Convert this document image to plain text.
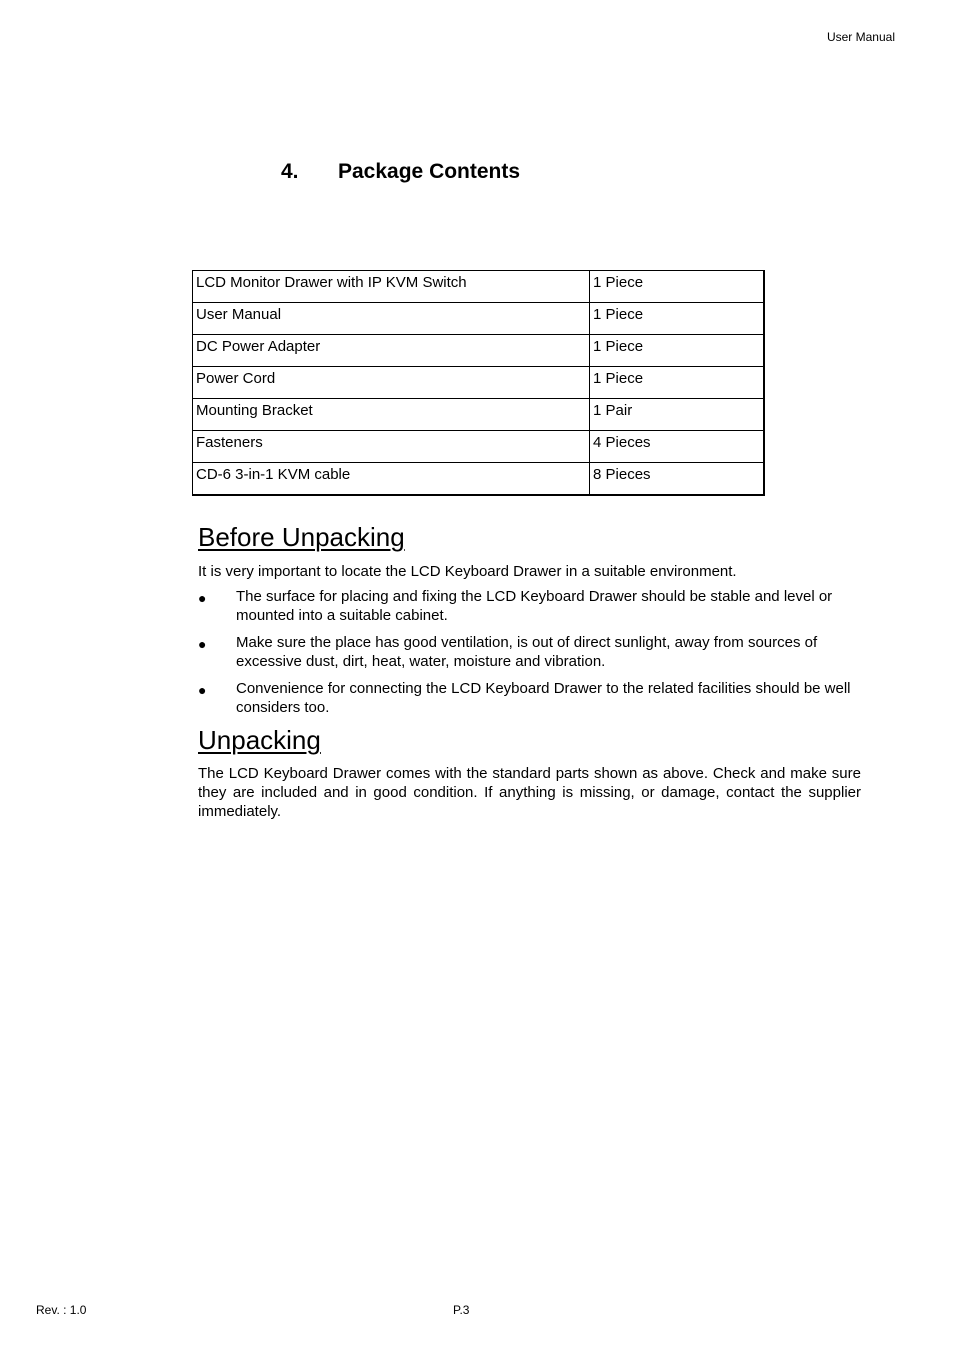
User Manual
4.	Package Contents
LCD Monitor Drawer with IP KVM Switch	1 Piece
User Manual	1 Piece
DC Power Adapter	1 Piece
Power Cord	1 Piece
Mounting Bracket	1 Pair
Fasteners	4 Pieces
CD-6 3-in-1 KVM cable	8 Pieces
Before Unpacking
It is very important to locate the LCD Keyboard Drawer in a suitable environment.
● The surface for placing and fixing the LCD Keyboard Drawer should be stable and level or mounted into a suitable cabinet.
● Make sure the place has good ventilation, is out of direct sunlight, away from sources of excessive dust, dirt, heat, water, moisture and vibration.
● Convenience for connecting the LCD Keyboard Drawer to the related facilities should be well considers too.
Unpacking
The LCD Keyboard Drawer comes with the standard parts shown as above. Check and make sure they are included and in good condition. If anything is missing, or damage, contact the supplier immediately.
Rev. : 1.0	P.3
